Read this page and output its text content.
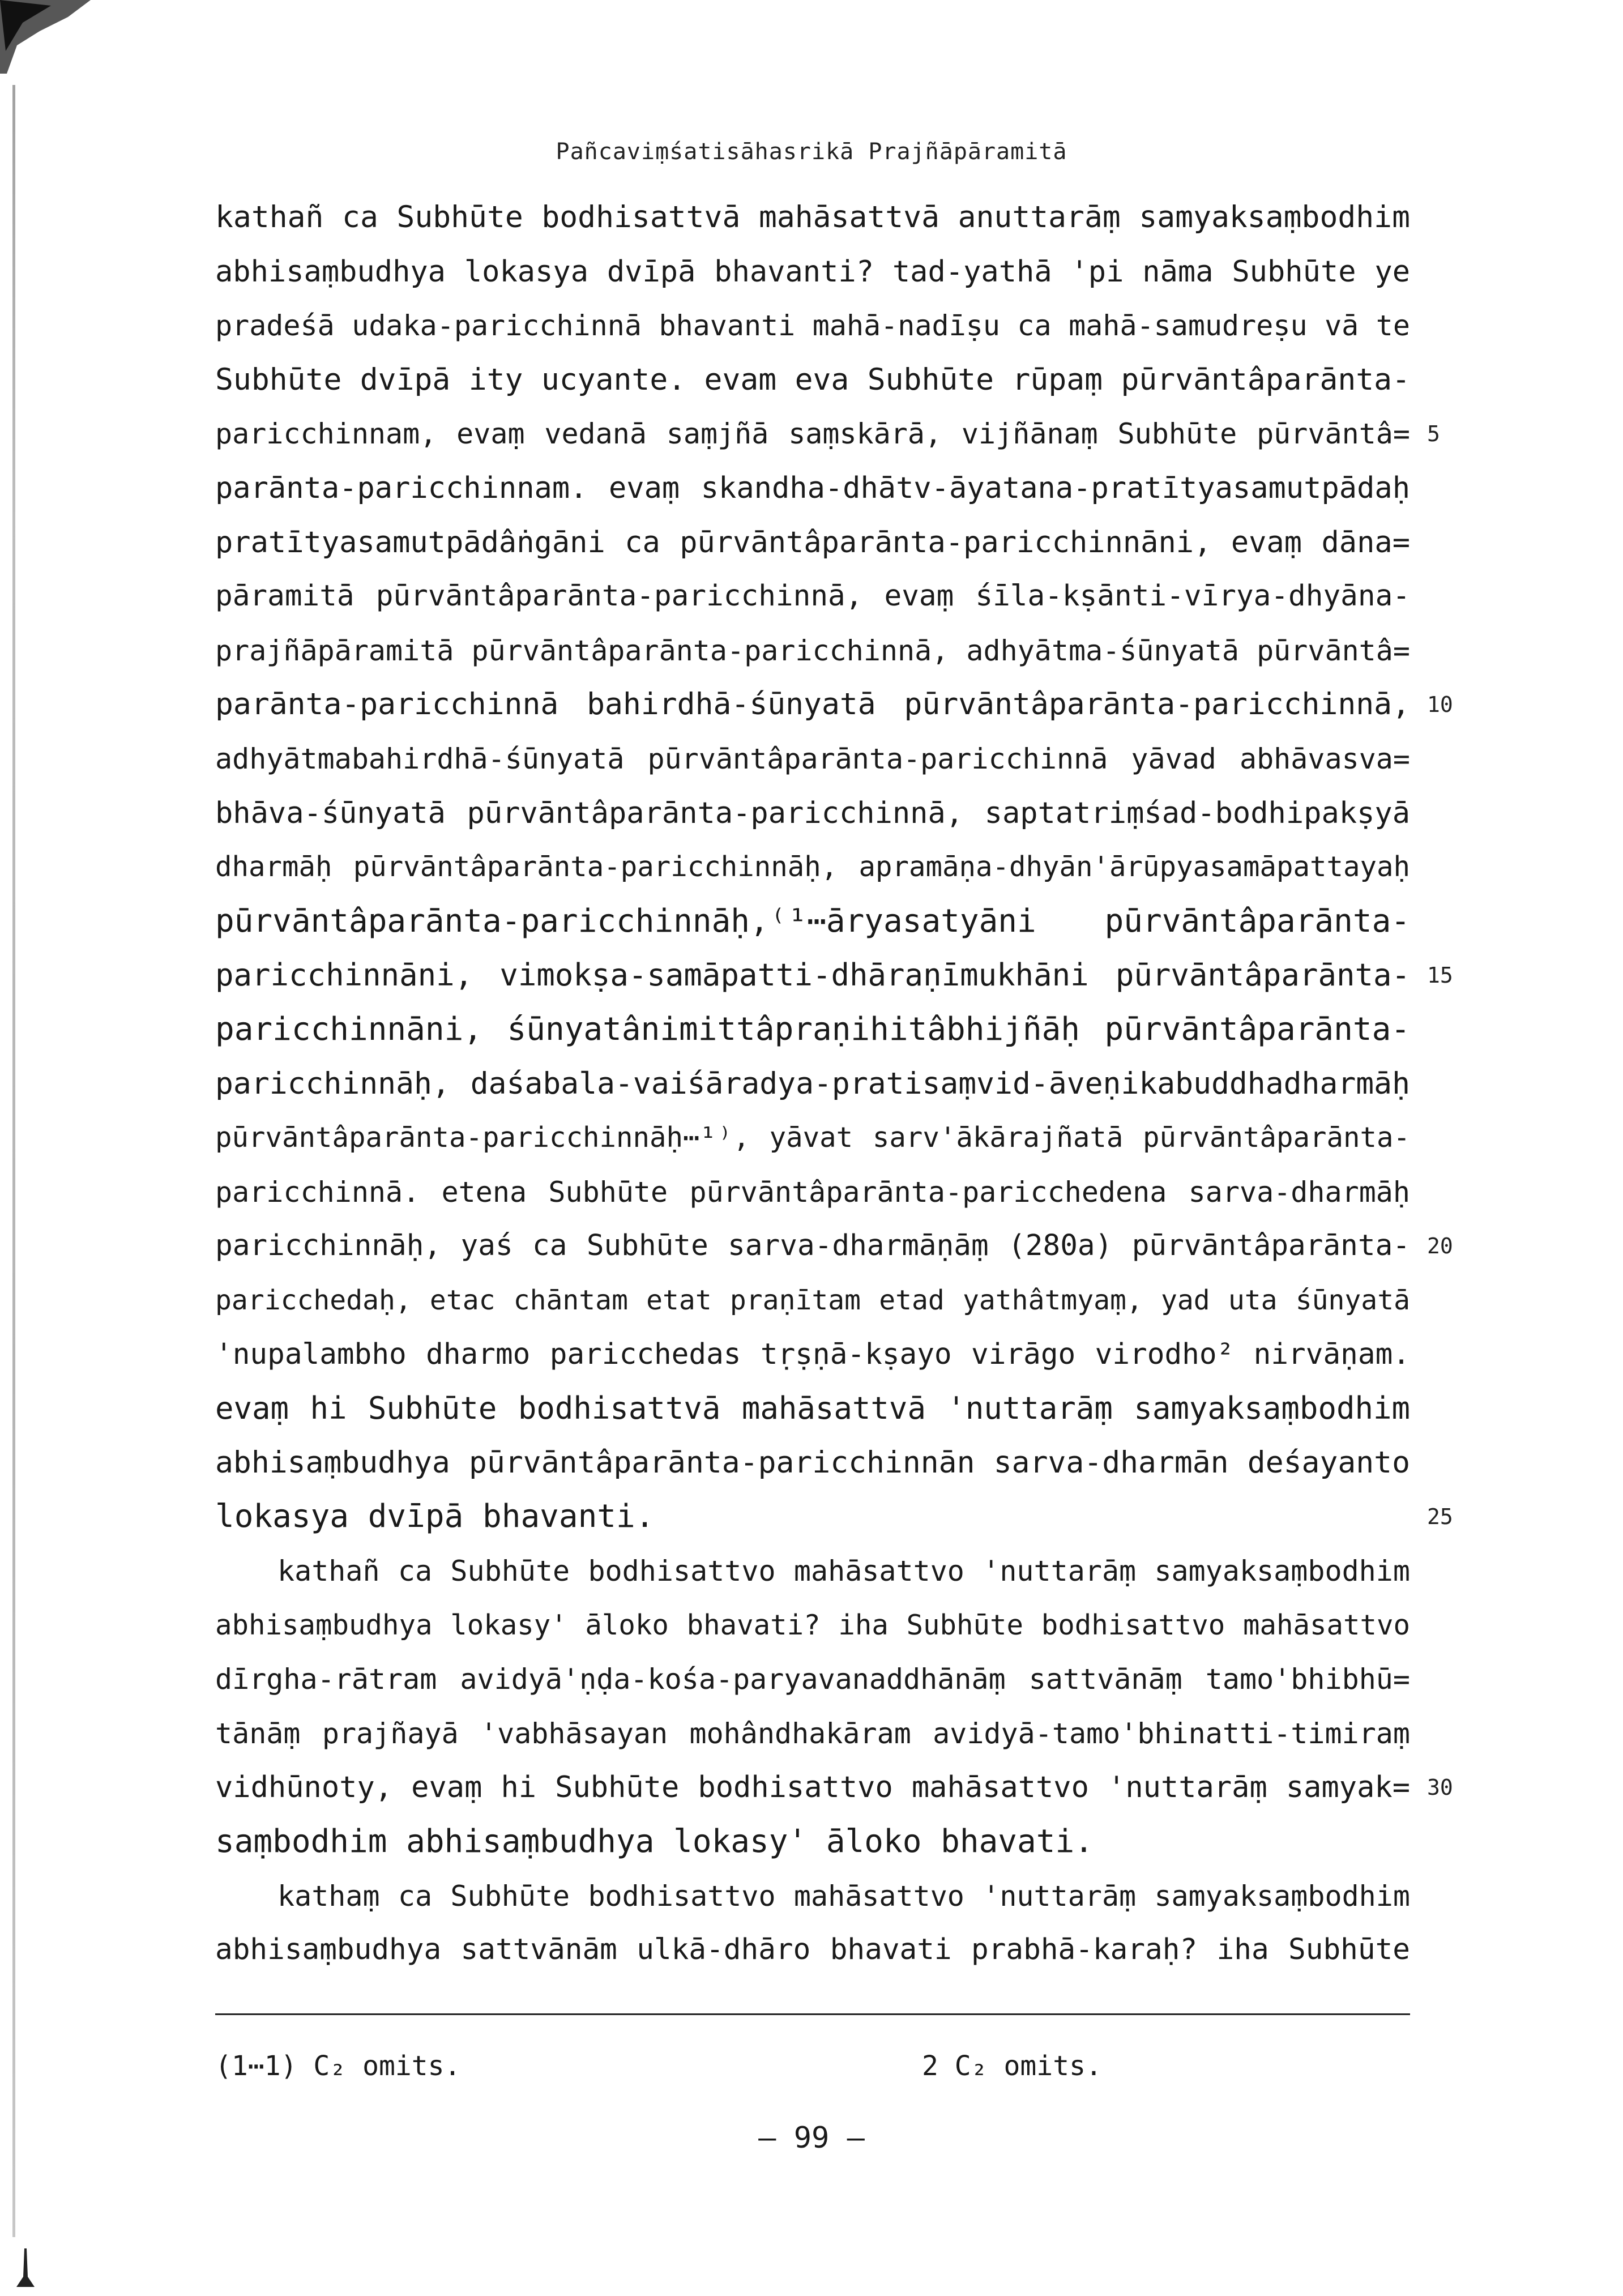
Pañcaviṃśatisāhasrikā Prajñāpāramitā
kathañ ca Subhūte bodhisattvā mahāsattvā anuttarāṃ samyaksaṃbodhim
abhisaṃbudhya lokasya dvīpā bhavanti? tad-yathā 'pi nāma Subhūte ye
pradeśā udaka-paricchinnā bhavanti mahā-nadīṣu ca mahā-samudreṣu vā te
Subhūte dvīpā ity ucyante. evam eva Subhūte rūpaṃ pūrvāntâparānta-
paricchinnam, evaṃ vedanā saṃjñā saṃskārā, vijñānaṃ Subhūte pūrvāntâ=
parānta-paricchinnam. evaṃ skandha-dhātv-āyatana-pratītyasamutpādaḥ
pratītyasamutpādâṅgāni ca pūrvāntâparānta-paricchinnāni, evaṃ dāna=
pāramitā pūrvāntâparānta-paricchinnā, evaṃ śīla-kṣānti-vīrya-dhyāna-
prajñāpāramitā pūrvāntâparānta-paricchinnā, adhyātma-śūnyatā pūrvāntâ=
parānta-paricchinnā bahirdhā-śūnyatā pūrvāntâparānta-paricchinnā,
adhyātmabahirdhā-śūnyatā pūrvāntâparānta-paricchinnā yāvad abhāvasva=
bhāva-śūnyatā pūrvāntâparānta-paricchinnā, saptatriṃśad-bodhipakṣyā
dharmāḥ pūrvāntâparānta-paricchinnāḥ, apramāṇa-dhyān'ārūpyasamāpattayaḥ
pūrvāntâparānta-paricchinnāḥ,⁽¹⋯āryasatyāni pūrvāntâparānta-
paricchinnāni, vimokṣa-samāpatti-dhāraṇīmukhāni pūrvāntâparānta-
paricchinnāni, śūnyatânimittâpraṇihitâbhijñāḥ pūrvāntâparānta-
paricchinnāḥ, daśabala-vaiśāradya-pratisaṃvid-āveṇikabuddhadharmāḥ
pūrvāntâparānta-paricchinnāḥ⋯¹⁾, yāvat sarv'ākārajñatā pūrvāntâparānta-
paricchinnā. etena Subhūte pūrvāntâparānta-paricchedena sarva-dharmāḥ
paricchinnāḥ, yaś ca Subhūte sarva-dharmāṇāṃ (280a) pūrvāntâparānta-
paricchedaḥ, etac chāntam etat praṇītam etad yathâtmyaṃ, yad uta śūnyatā
'nupalambho dharmo paricchedas tṛṣṇā-kṣayo virāgo virodho² nirvāṇam.
evaṃ hi Subhūte bodhisattvā mahāsattvā 'nuttarāṃ samyaksaṃbodhim
abhisaṃbudhya pūrvāntâparānta-paricchinnān sarva-dharmān deśayanto
lokasya dvīpā bhavanti.
kathañ ca Subhūte bodhisattvo mahāsattvo 'nuttarāṃ samyaksaṃbodhim
abhisaṃbudhya lokasy' āloko bhavati? iha Subhūte bodhisattvo mahāsattvo
dīrgha-rātram avidyā'ṇḍa-kośa-paryavanaddhānāṃ sattvānāṃ tamo'bhibhū=
tānāṃ prajñayā 'vabhāsayan mohândhakāram avidyā-tamo'bhinatti-timiraṃ
vidhūnoty, evaṃ hi Subhūte bodhisattvo mahāsattvo 'nuttarāṃ samyak=
saṃbodhim abhisaṃbudhya lokasy' āloko bhavati.
kathaṃ ca Subhūte bodhisattvo mahāsattvo 'nuttarāṃ samyaksaṃbodhim
abhisaṃbudhya sattvānām ulkā-dhāro bhavati prabhā-karaḥ? iha Subhūte
5
10
15
20
25
30
(1⋯1) C₂ omits.	2 C₂ omits.
— 99 —
